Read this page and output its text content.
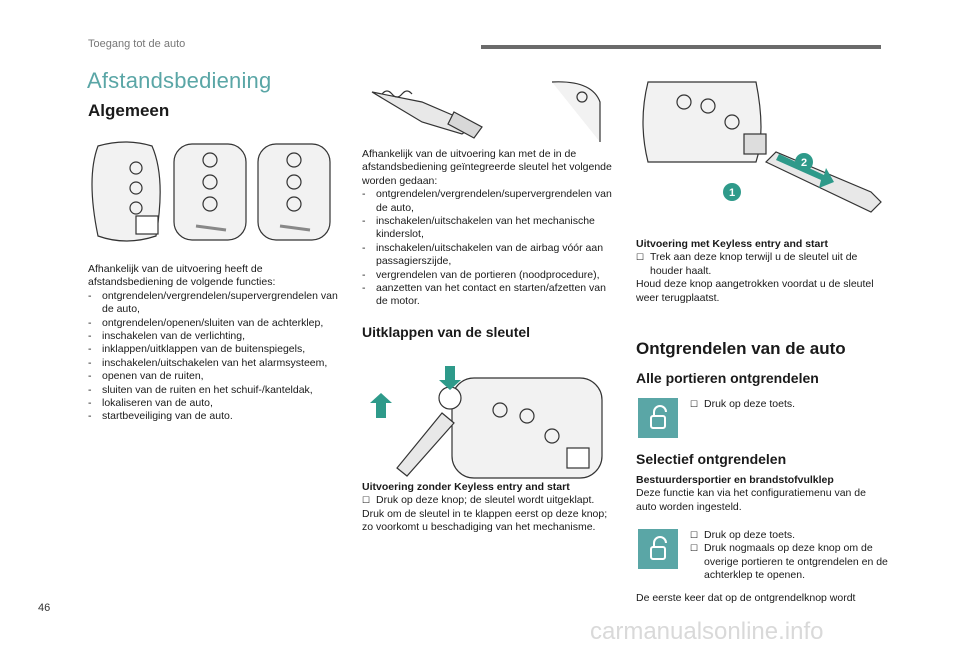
Toegang tot de auto
Afstandsbediening
Algemeen

Afhankelijk van de uitvoering heeft de afstandsbediening de volgende functies:

- ontgrendelen/vergrendelen/supervergrendelen van de auto,
- ontgrendelen/openen/sluiten van de achterklep,
- inschakelen van de verlichting,
- inklappen/uitklappen van de buitenspiegels,
- inschakelen/uitschakelen van het alarmsysteem,
- openen van de ruiten,
- sluiten van de ruiten en het schuif-/kanteldak,
- lokaliseren van de auto,
- startbeveiliging van de auto.

Afhankelijk van de uitvoering kan met de in de afstandsbediening geïntegreerde sleutel het volgende worden gedaan:

- ontgrendelen/vergrendelen/supervergrendelen van de auto,
- inschakelen/uitschakelen van het mechanische kinderslot,
- inschakelen/uitschakelen van de airbag vóór aan passagierszijde,
- vergrendelen van de portieren (noodprocedure),
- aanzetten van het contact en starten/afzetten van de motor.
Uitklappen van de sleutel

Uitvoering zonder Keyless entry and start

☐ Druk op deze knop; de sleutel wordt uitgeklapt.

Druk om de sleutel in te klappen eerst op deze knop; zo voorkomt u beschadiging van het mechanisme.

1
2

Uitvoering met Keyless entry and start

☐ Trek aan deze knop terwijl u de sleutel uit de houder haalt.

Houd deze knop aangetrokken voordat u de sleutel weer terugplaatst.

Ontgrendelen van de auto
Alle portieren ontgrendelen
☐ Druk op deze toets.
Selectief ontgrendelen

Bestuurdersportier en brandstofvulklep

Deze functie kan via het configuratiemenu van de auto worden ingesteld.

☐ Druk op deze toets.
☐ Druk nogmaals op deze knop om de overige portieren te ontgrendelen en de achterklep te openen.
De eerste keer dat op de ontgrendelknop wordt
46
carmanualsonline.info
